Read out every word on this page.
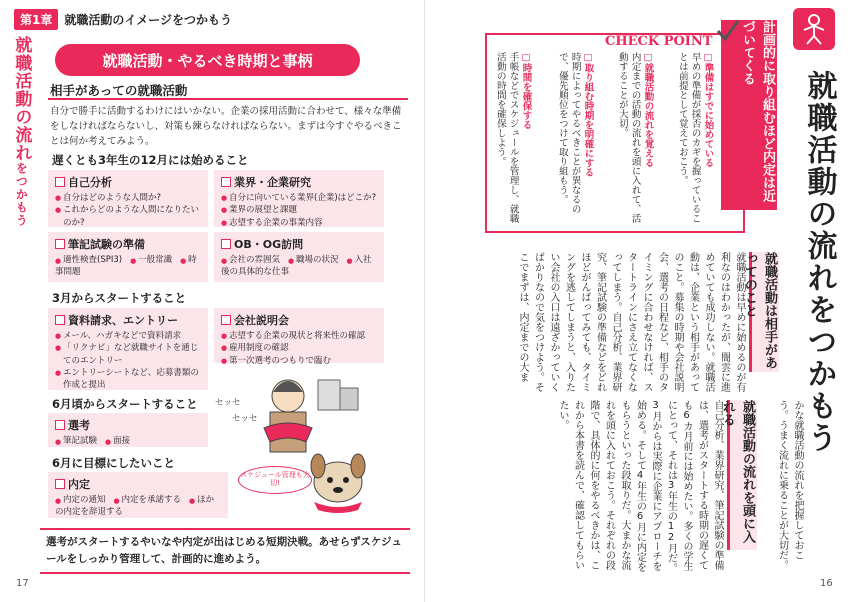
第1章	就職活動のイメージをつかもう
就職活動の流れをつかもう
就職活動・やるべき時期と事柄
相手があっての就職活動
自分で勝手に活動するわけにはいかない。企業の採用活動に合わせて、様々な準備をしなければならないし、対策も練らなければならない。まずは今すぐやるべきことは何か考えてみよう。
遅くとも3年生の12月には始めること
自己分析
● 自分はどのような人間か?
● これからどのような人間になりたいのか?
業界・企業研究
● 自分に向いている業界(企業)はどこか?
● 業界の展望と課題
● 志望する企業の事業内容
筆記試験の準備
● 適性検査(SPI3) ● 一般常識 ● 時事問題
OB・OG訪問
● 会社の雰囲気 ● 職場の状況 ● 入社後の具体的な仕事
3月からスタートすること
資料請求、エントリー
● メール、ハガキなどで資料請求
● 「リクナビ」など就職サイトを通じてのエントリー
● エントリーシートなど、応募書類の作成と提出
会社説明会
● 志望する企業の現状と将来性の確認
● 雇用制度の確認
● 第一次選考のつもりで臨む
6月頃からスタートすること
選考
● 筆記試験 ● 面接
6月に目標にしたいこと
内定
● 内定の通知 ● 内定を承諾する ● ほかの内定を辞退する
セッセ
セッセ
スケジュール管理も大切!
選考がスタートするやいなや内定が出はじめる短期決戦。あせらずスケジュールをしっかり管理して、計画的に進めよう。
17
就職活動の流れをつかもう
計画的に取り組むほど内定は近づいてくる
CHECK POINT
□準備はすでに始めている
早めの準備が採否のカギを握っていることは前提として覚えておこう。
□就職活動の流れを覚える
内定までの活動の流れを頭に入れて、活動することが大切。
□取り組む時期を明確にする
時期によってやるべきことが異なるので、優先順位をつけて取り組もう。
□時間を確保する
手帳などでスケジュールを管理し、就職活動の時間を確保しよう。
就職活動は相手があってのこと
就職活動は早めに始めるのが有利なのはわかったが、闇雲に進めていても成功しない。就職活動は、企業という相手があってのこと。募集の時期や会社説明会、選考の日程など、相手のタイミングに合わせなければ、スタートラインにさえ立てなくなってしまう。自己分析、業界研究、筆記試験の準備などをどれほどがんばってみても、タイミングを逃してしまうと、入りたい会社の入口は遠ざかっていくばかりなので気をつけよう。そこでまずは、内定までの大ま
かな就職活動の流れを把握しておこう。うまく流れに乗ることが大切だ。
就職活動の流れを頭に入れる
自己分析、業界研究、筆記試験の準備は、選考がスタートする時期の遅くても6カ月前には始めたい。多くの学生にとって、それは3年生の12月だ。3月からは実際に企業にアプローチを始める。そして4年生の6月に内定をもらうといった段取りだ。大まかな流れを頭に入れておこう。それぞれの段階で、具体的に何をやるべきかは、これから本書を読んで、確認してもらいたい。
16
